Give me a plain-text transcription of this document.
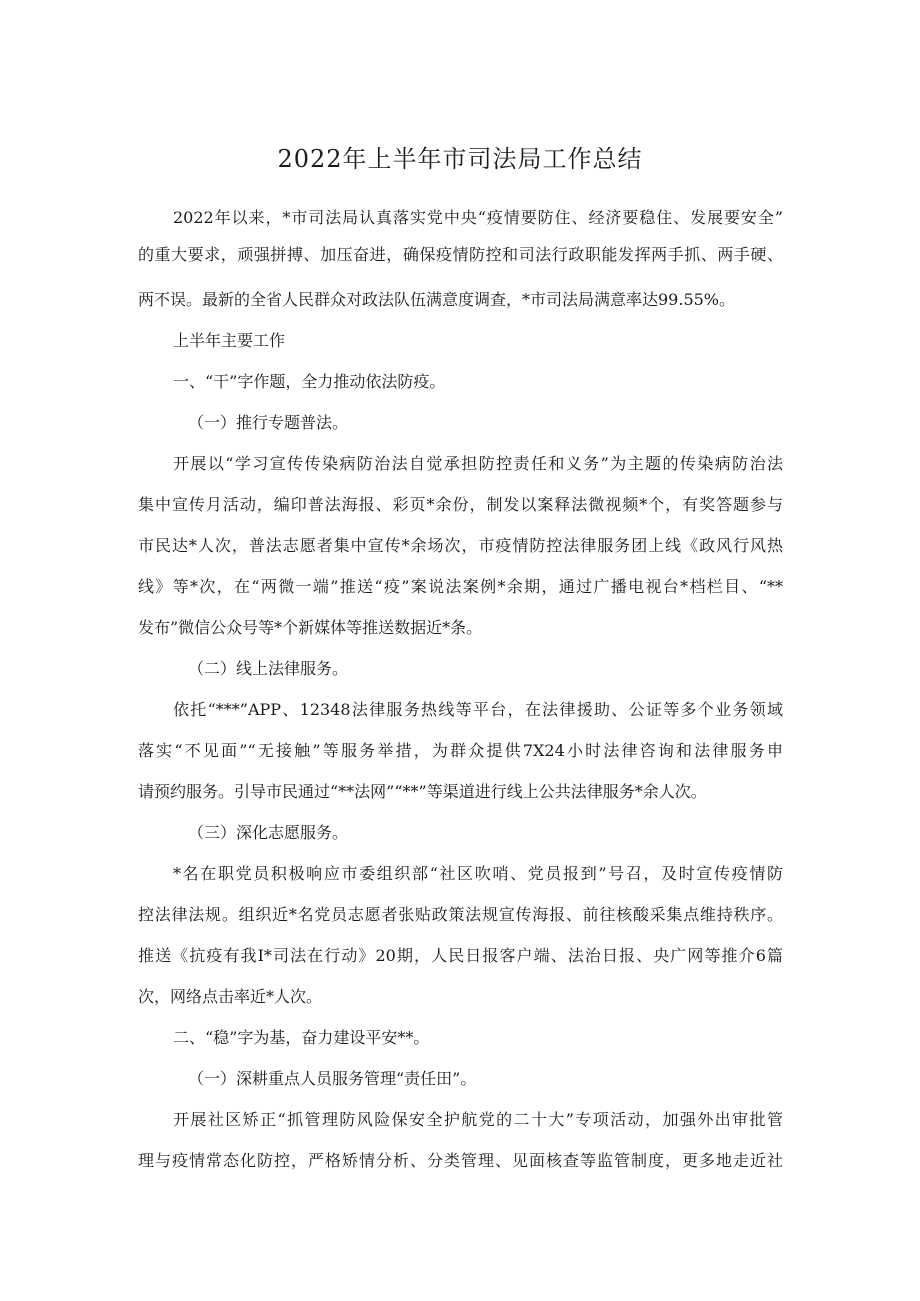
2022年上半年市司法局工作总结

2022年以来，*市司法局认真落实党中央“疫情要防住、经济要稳住、发展要安全”

的重大要求，顽强拼搏、加压奋进，确保疫情防控和司法行政职能发挥两手抓、两手硬、

两不误。最新的全省人民群众对政法队伍满意度调查，*市司法局满意率达99.55%。

上半年主要工作

一、“干”字作题，全力推动依法防疫。

（一）推行专题普法。

开展以“学习宣传传染病防治法自觉承担防控责任和义务”为主题的传染病防治法

集中宣传月活动，编印普法海报、彩页*余份，制发以案释法微视频*个，有奖答题参与

市民达*人次，普法志愿者集中宣传*余场次，市疫情防控法律服务团上线《政风行风热

线》等*次，在“两微一端”推送“疫”案说法案例*余期，通过广播电视台*档栏目、“**

发布”微信公众号等*个新媒体等推送数据近*条。

（二）线上法律服务。

依托“***”APP、12348法律服务热线等平台，在法律援助、公证等多个业务领域

落实“不见面”“无接触”等服务举措，为群众提供7X24小时法律咨询和法律服务申

请预约服务。引导市民通过“**法网”“**”等渠道进行线上公共法律服务*余人次。

（三）深化志愿服务。

*名在职党员积极响应市委组织部“社区吹哨、党员报到”号召，及时宣传疫情防

控法律法规。组织近*名党员志愿者张贴政策法规宣传海报、前往核酸采集点维持秩序。

推送《抗疫有我I*司法在行动》20期，人民日报客户端、法治日报、央广网等推介6篇

次，网络点击率近*人次。

二、“稳”字为基，奋力建设平安**。

（一）深耕重点人员服务管理“责任田”。

开展社区矫正“抓管理防风险保安全护航党的二十大”专项活动，加强外出审批管

理与疫情常态化防控，严格矫情分析、分类管理、见面核查等监管制度，更多地走近社
